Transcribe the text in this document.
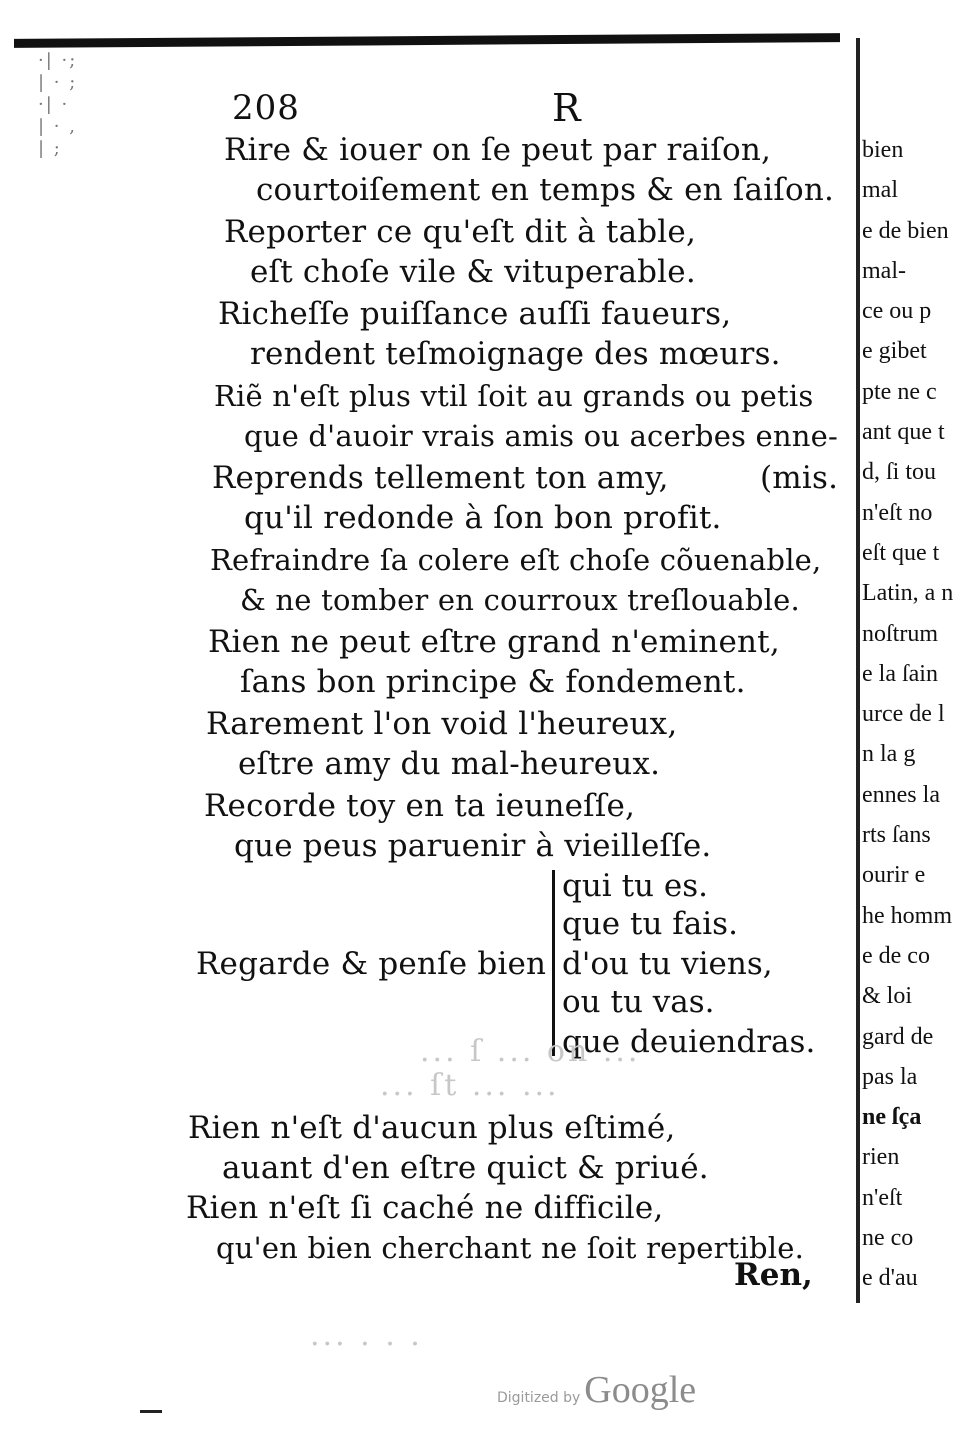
·| ·; | · ; ·| · | · , | ;	bien
mal
e de bien
mal-
ce ou p
e gibet
pte ne c
ant que t
d, ſi tou
n'eſt no
eſt que t
Latin, a n
noſtrum
e la ſain
urce de l
n la g
ennes la
rts ſans
ourir e
he homm
e de co
& loi
gard de
pas la
ne ſça
rien
n'eſt
ne co
e d'au
208	R
Rire & iouer on ſe peut par raiſon,
courtoiſement en temps & en ſaiſon.
Reporter ce qu'eſt dit à table,
eſt choſe vile & vituperable.
Richeſſe puiſſance auſſi faueurs,
rendent teſmoignage des mœurs.
Riẽ n'eſt plus vtil ſoit au grands ou petis
que d'auoir vrais amis ou acerbes enne-
Reprends tellement ton amy,	(mis.
qu'il redonde à ſon bon profit.
Refraindre ſa colere eſt choſe cõuenable,
& ne tomber en courroux treſlouable.
Rien ne peut eſtre grand n'eminent,
ſans bon principe & fondement.
Rarement l'on void l'heureux,
eſtre amy du mal-heureux.
Recorde toy en ta ieuneſſe,
que peus paruenir à vieilleſſe.
Regarde & penſe bien
qui tu es.
que tu fais.
d'ou tu viens,
ou tu vas.
que deuiendras.
... ſ ... on ...
... ſt ... ...
Rien n'eſt d'aucun plus eſtimé,
auant d'en eſtre quict & priué.
Rien n'eſt ſi caché ne difficile,
qu'en bien cherchant ne ſoit repertible.
Ren,
... . . .
Digitized by Google
